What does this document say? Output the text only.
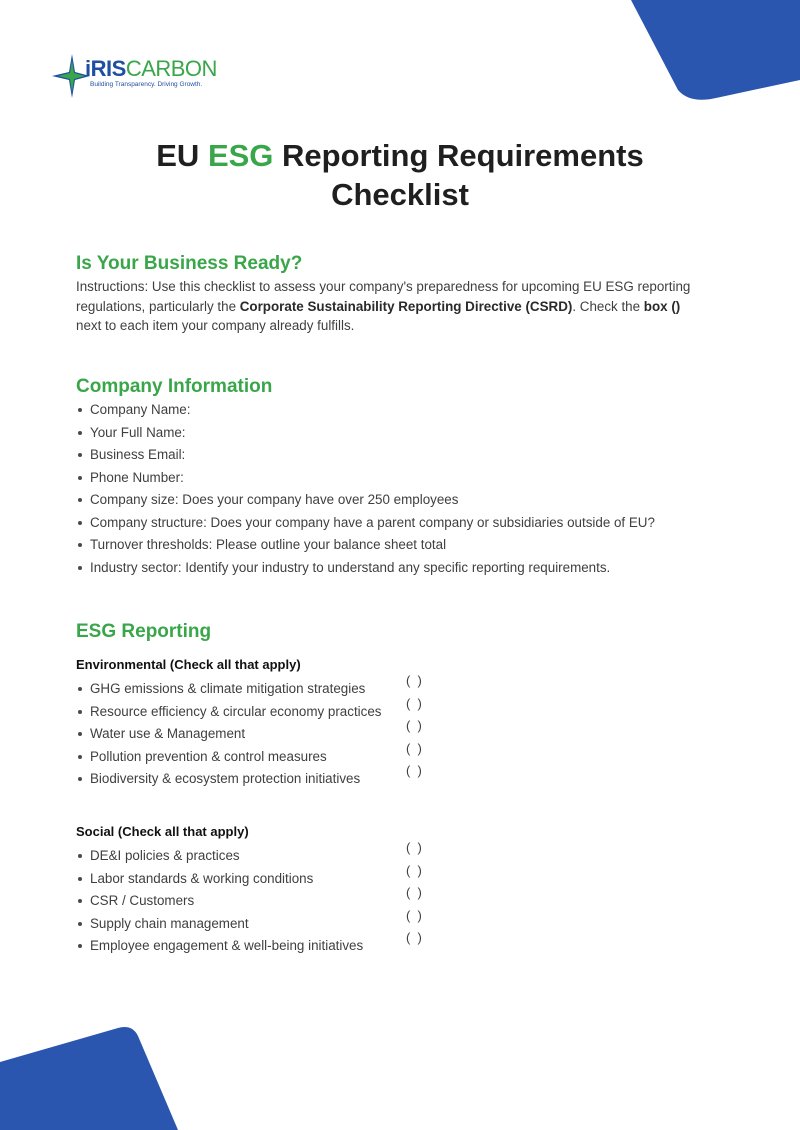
iRISCARBON
Building Transparency. Driving Growth.
EU ESG Reporting Requirements
Checklist
Is Your Business Ready?

Instructions: Use this checklist to assess your company's preparedness for upcoming EU ESG reporting regulations, particularly the Corporate Sustainability Reporting Directive (CSRD). Check the box () next to each item your company already fulfills.

Company Information
Company Name:
Your Full Name:
Business Email:
Phone Number:
Company size: Does your company have over 250 employees
Company structure: Does your company have a parent company or subsidiaries outside of EU?
Turnover thresholds: Please outline your balance sheet total
Industry sector: Identify your industry to understand any specific reporting requirements.
ESG Reporting
Environmental (Check all that apply)
GHG emissions & climate mitigation strategies
Resource efficiency & circular economy practices
Water use & Management
Pollution prevention & control measures
Biodiversity & ecosystem protection initiatives
(  )
(  )
(  )
(  )
(  )
Social (Check all that apply)
DE&I policies & practices
Labor standards & working conditions
CSR / Customers
Supply chain management
Employee engagement & well-being initiatives
(  )
(  )
(  )
(  )
(  )
